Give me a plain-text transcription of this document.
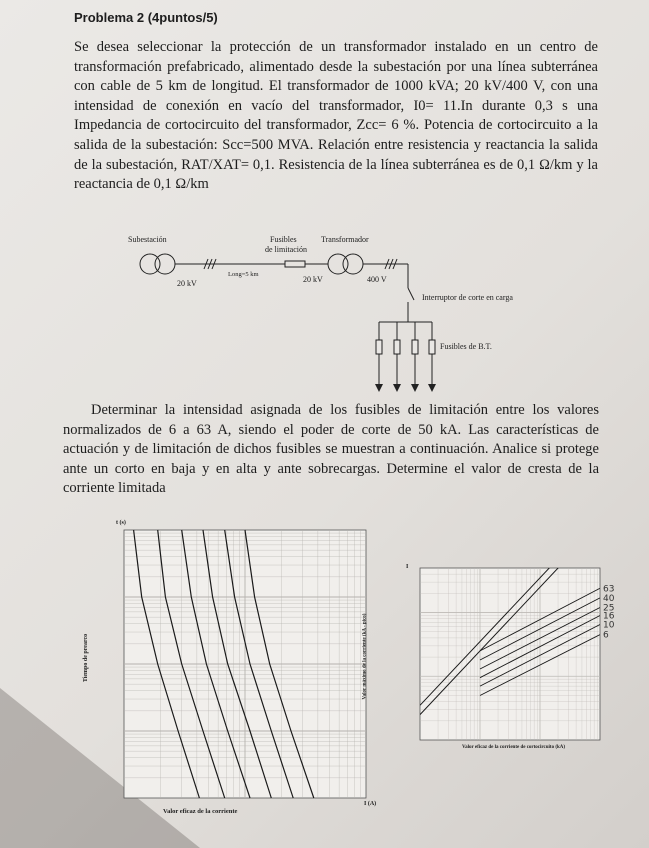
Problema 2 (4puntos/5)

Se desea seleccionar la protección de un transformador instalado en un centro de transformación prefabricado, alimentado desde la subestación por una línea subterránea con cable de 5 km de longitud. El transformador de 1000 kVA; 20 kV/400 V, con una intensidad de conexión en vacío del transformador, I0= 11.In durante 0,3 s una Impedancia de cortocircuito del transformador, Zcc= 6 %. Potencia de cortocircuito a la salida de la subestación: Scc=500 MVA. Relación entre resistencia y reactancia la salida de la subestación, RAT/XAT= 0,1. Resistencia de la línea subterránea es de 0,1 Ω/km y la reactancia de 0,1 Ω/km

Subestación	Fusibles
de limitación
Transformador
Long=5 km
20 kV	20 kV	400 V
Interruptor de corte en carga
Fusibles de B.T.

Determinar la intensidad asignada de los fusibles de limitación entre los valores normalizados de 6 a 63 A, siendo el poder de corte de 50 kA. Las características de actuación y de limitación de dichos fusibles se muestran a continuación. Analice si protege ante un corto en baja y en alta y ante sobrecargas. Determine el valor de cresta de la corriente limitada

t (s)
Tiempo de prearco
Valor eficaz de la corriente
I (A)
I
Valor máximo de la corriente (kA - pico)
Valor eficaz de la corriente de cortocircuito (kA)
63
40
25
16
10
6
